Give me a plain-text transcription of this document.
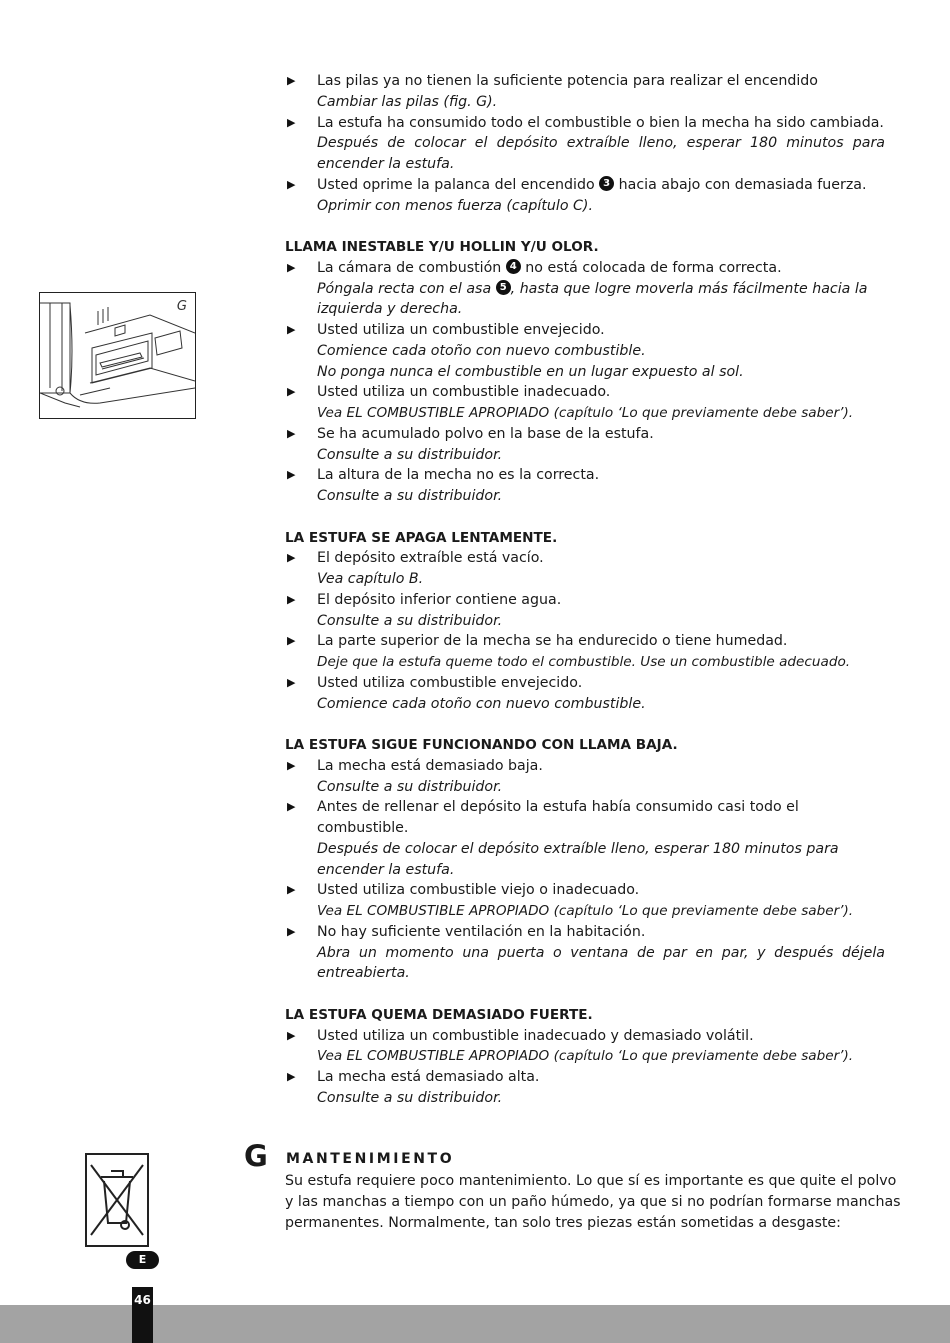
▶ Las pilas ya no tienen la suficiente potencia para realizar el encendido
Cambiar las pilas (fig. G).
▶ La estufa ha consumido todo el combustible o bien la mecha ha sido cambiada.
Después de colocar el depósito extraíble lleno, esperar 180 minutos para
encender la estufa.
▶ Usted oprime la palanca del encendido 3 hacia abajo con demasiada fuerza.
Oprimir con menos fuerza (capítulo C).
LLAMA INESTABLE Y/U HOLLIN Y/U OLOR.
▶ La cámara de combustión 4 no está colocada de forma correcta.
Póngala recta con el asa 5 , hasta que logre moverla más fácilmente hacia la
izquierda y derecha.
▶ Usted utiliza un combustible envejecido.
Comience cada otoño con nuevo combustible.
No ponga nunca el combustible en un lugar expuesto al sol.
▶ Usted utiliza un combustible inadecuado.
Vea EL COMBUSTIBLE APROPIADO (capítulo ‘Lo que previamente debe saber’).
▶ Se ha acumulado polvo en la base de la estufa.
Consulte a su distribuidor.
▶ La altura de la mecha no es la correcta.
Consulte a su distribuidor.
LA ESTUFA SE APAGA LENTAMENTE.
▶ El depósito extraíble está vacío.
Vea capítulo B.
▶ El depósito inferior contiene agua.
Consulte a su distribuidor.
▶ La parte superior de la mecha se ha endurecido o tiene humedad.
Deje que la estufa queme todo el combustible. Use un combustible adecuado.
▶ Usted utiliza combustible envejecido.
Comience cada otoño con nuevo combustible.
LA ESTUFA SIGUE FUNCIONANDO CON LLAMA BAJA.
▶ La mecha está demasiado baja.
Consulte a su distribuidor.
▶ Antes de rellenar el depósito la estufa había consumido casi todo el
combustible.
Después de colocar el depósito extraíble lleno, esperar 180 minutos para
encender la estufa.
▶ Usted utiliza combustible viejo o inadecuado.
Vea EL COMBUSTIBLE APROPIADO (capítulo ‘Lo que previamente debe saber’).
▶ No hay suficiente ventilación en la habitación.
Abra un momento una puerta o ventana de par en par, y después déjela
entreabierta.
LA ESTUFA QUEMA DEMASIADO FUERTE.
▶ Usted utiliza un combustible inadecuado y demasiado volátil.
Vea EL COMBUSTIBLE APROPIADO (capítulo ‘Lo que previamente debe saber’).
▶ La mecha está demasiado alta.
Consulte a su distribuidor.
G
G MANTENIMIENTO
Su estufa requiere poco mantenimiento. Lo que sí es importante es que quite el polvo
y las manchas a tiempo con un paño húmedo, ya que si no podrían formarse manchas
permanentes. Normalmente, tan solo tres piezas están sometidas a desgaste:
E
46
